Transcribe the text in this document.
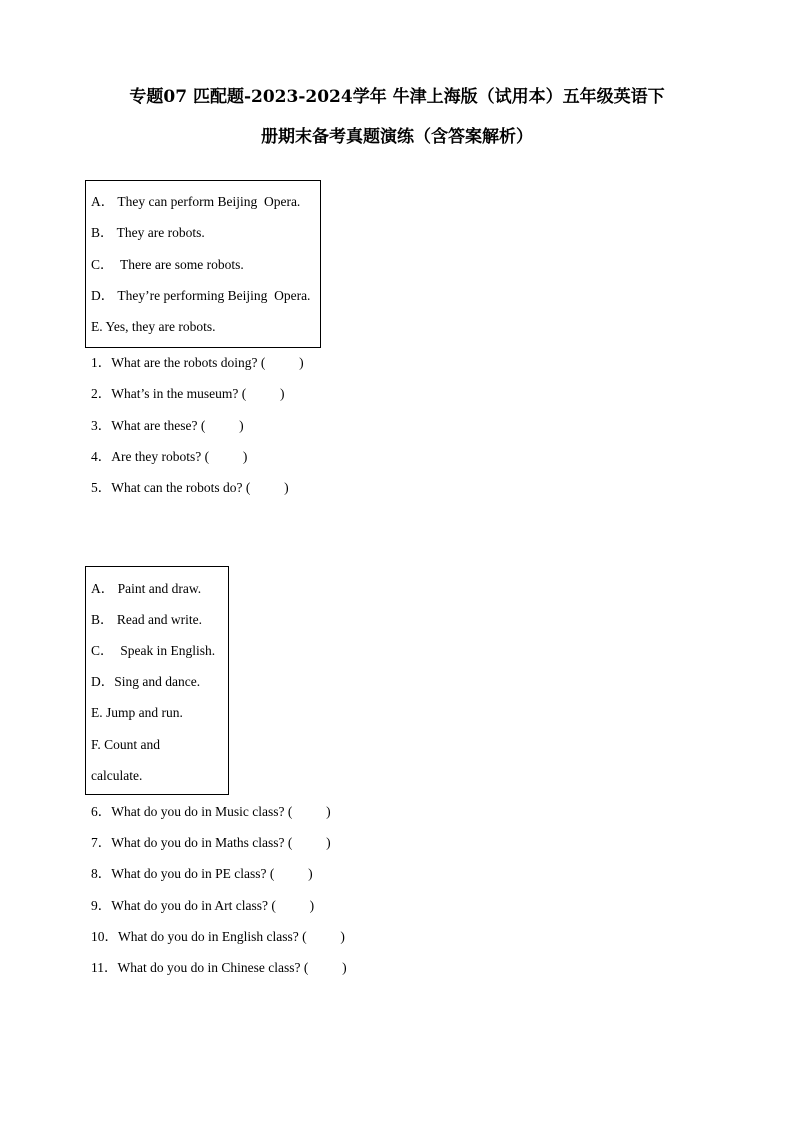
专题07 匹配题-2023-2024学年 牛津上海版（试用本）五年级英语下
册期末备考真题演练（含答案解析）
A． They can perform Beijing  Opera.
B． They are robots.
C．  There are some robots.
D． They’re performing Beijing  Opera.
E. Yes, they are robots.
1．What are the robots doing? (          )
2．What’s in the museum? (          )
3．What are these? (          )
4．Are they robots? (          )
5．What can the robots do? (          )
A． Paint and draw.
B． Read and write.
C．  Speak in English.
D．Sing and dance.
E. Jump and run.
F. Count and
calculate.
6．What do you do in Music class? (          )
7．What do you do in Maths class? (          )
8．What do you do in PE class? (          )
9．What do you do in Art class? (          )
10．What do you do in English class? (          )
11．What do you do in Chinese class? (          )
